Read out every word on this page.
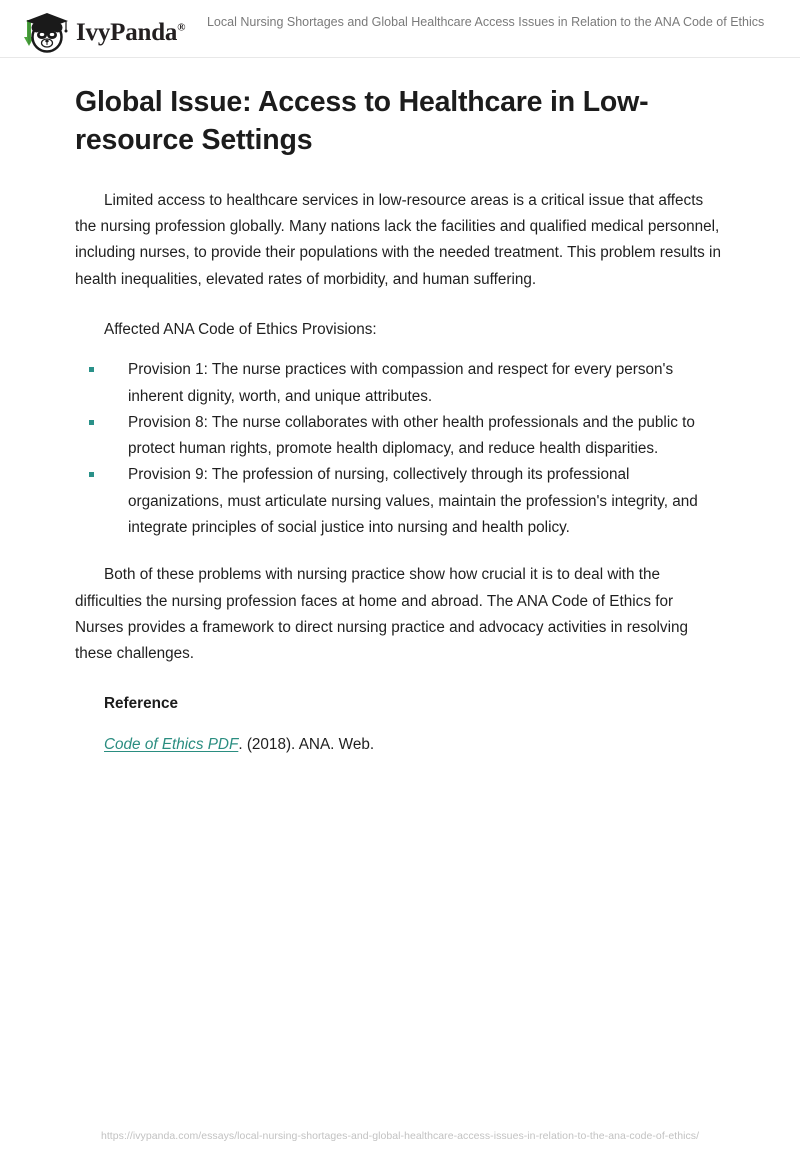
IvyPanda®	Local Nursing Shortages and Global Healthcare Access Issues in Relation to the ANA Code of Ethics
Global Issue: Access to Healthcare in Low-resource Settings

Limited access to healthcare services in low-resource areas is a critical issue that affects the nursing profession globally. Many nations lack the facilities and qualified medical personnel, including nurses, to provide their populations with the needed treatment. This problem results in health inequalities, elevated rates of morbidity, and human suffering.

Affected ANA Code of Ethics Provisions:

Provision 1: The nurse practices with compassion and respect for every person's inherent dignity, worth, and unique attributes.
Provision 8: The nurse collaborates with other health professionals and the public to protect human rights, promote health diplomacy, and reduce health disparities.
Provision 9: The profession of nursing, collectively through its professional organizations, must articulate nursing values, maintain the profession's integrity, and integrate principles of social justice into nursing and health policy.

Both of these problems with nursing practice show how crucial it is to deal with the difficulties the nursing profession faces at home and abroad. The ANA Code of Ethics for Nurses provides a framework to direct nursing practice and advocacy activities in resolving these challenges.

Reference

Code of Ethics PDF. (2018). ANA. Web.

https://ivypanda.com/essays/local-nursing-shortages-and-global-healthcare-access-issues-in-relation-to-the-ana-code-of-ethics/
